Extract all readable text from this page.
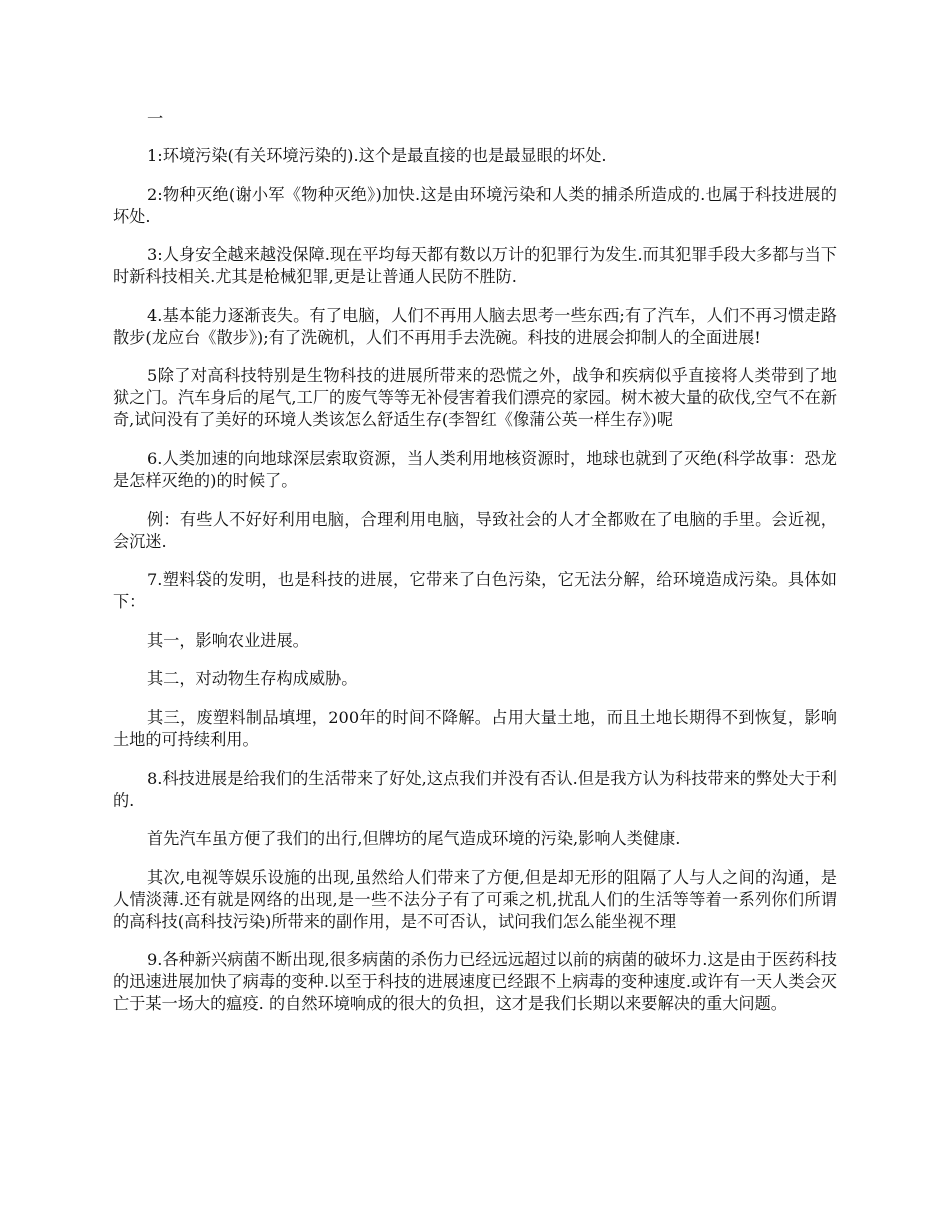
一

1:环境污染(有关环境污染的).这个是最直接的也是最显眼的坏处.

2:物种灭绝(谢小军《物种灭绝》)加快.这是由环境污染和人类的捕杀所造成的.也属于科技进展的坏处.

3:人身安全越来越没保障.现在平均每天都有数以万计的犯罪行为发生.而其犯罪手段大多都与当下时新科技相关.尤其是枪械犯罪,更是让普通人民防不胜防.

4.基本能力逐渐丧失。有了电脑，人们不再用人脑去思考一些东西;有了汽车，人们不再习惯走路散步(龙应台《散步》);有了洗碗机，人们不再用手去洗碗。科技的进展会抑制人的全面进展!

5除了对高科技特别是生物科技的进展所带来的恐慌之外，战争和疾病似乎直接将人类带到了地狱之门。汽车身后的尾气,工厂的废气等等无补侵害着我们漂亮的家园。树木被大量的砍伐,空气不在新奇,试问没有了美好的环境人类该怎么舒适生存(李智红《像蒲公英一样生存》)呢

6.人类加速的向地球深层索取资源，当人类利用地核资源时，地球也就到了灭绝(科学故事：恐龙是怎样灭绝的)的时候了。

例：有些人不好好利用电脑，合理利用电脑，导致社会的人才全都败在了电脑的手里。会近视，会沉迷.

7.塑料袋的发明，也是科技的进展，它带来了白色污染，它无法分解，给环境造成污染。具体如下：

其一，影响农业进展。

其二，对动物生存构成威胁。

其三，废塑料制品填埋，200年的时间不降解。占用大量土地，而且土地长期得不到恢复，影响土地的可持续利用。

8.科技进展是给我们的生活带来了好处,这点我们并没有否认.但是我方认为科技带来的弊处大于利的.

首先汽车虽方便了我们的出行,但牌坊的尾气造成环境的污染,影响人类健康.

其次,电视等娱乐设施的出现,虽然给人们带来了方便,但是却无形的阻隔了人与人之间的沟通，是人情淡薄.还有就是网络的出现,是一些不法分子有了可乘之机,扰乱人们的生活等等着一系列你们所谓的高科技(高科技污染)所带来的副作用，是不可否认，试问我们怎么能坐视不理

9.各种新兴病菌不断出现,很多病菌的杀伤力已经远远超过以前的病菌的破坏力.这是由于医药科技的迅速进展加快了病毒的变种.以至于科技的进展速度已经跟不上病毒的变种速度.或许有一天人类会灭亡于某一场大的瘟疫. 的自然环境响成的很大的负担，这才是我们长期以来要解决的重大问题。
